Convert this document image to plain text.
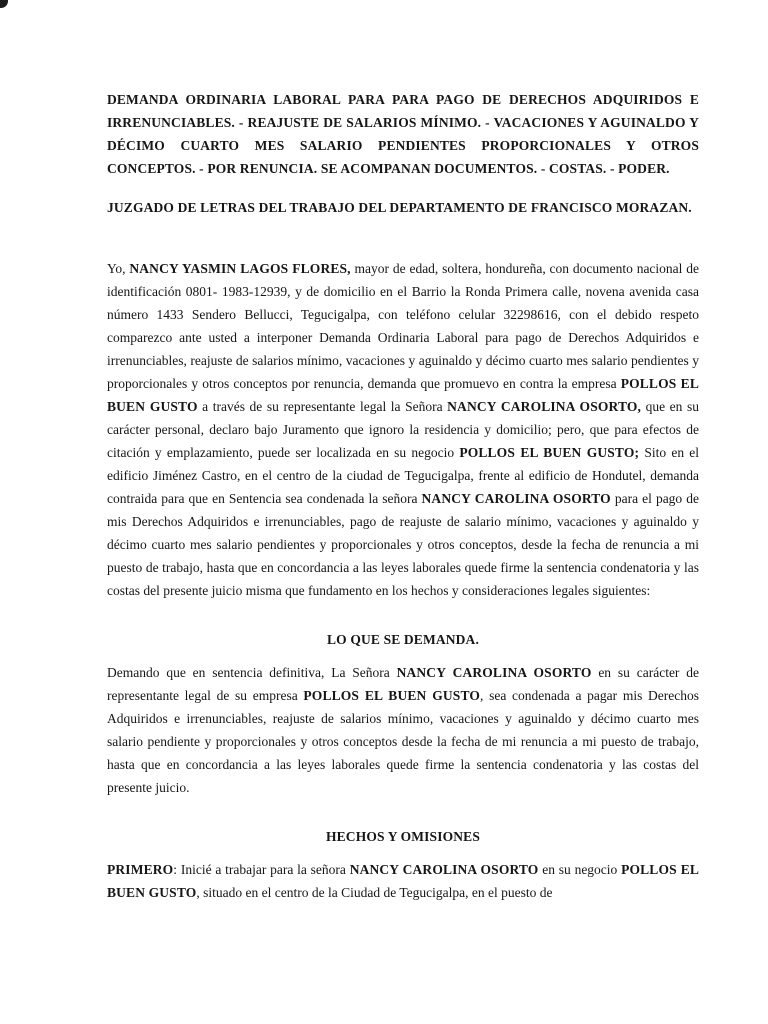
DEMANDA ORDINARIA LABORAL PARA PARA PAGO DE DERECHOS ADQUIRIDOS E IRRENUNCIABLES. - REAJUSTE DE SALARIOS MÍNIMO. - VACACIONES Y AGUINALDO Y DÉCIMO CUARTO MES SALARIO PENDIENTES PROPORCIONALES Y OTROS CONCEPTOS. - POR RENUNCIA. SE ACOMPANAN DOCUMENTOS. - COSTAS. - PODER.

JUZGADO DE LETRAS DEL TRABAJO DEL DEPARTAMENTO DE FRANCISCO MORAZAN.

Yo, NANCY YASMIN LAGOS FLORES, mayor de edad, soltera, hondureña, con documento nacional de identificación 0801- 1983-12939, y de domicilio en el Barrio la Ronda Primera calle, novena avenida casa número 1433 Sendero Bellucci, Tegucigalpa, con teléfono celular 32298616, con el debido respeto comparezco ante usted a interponer Demanda Ordinaria Laboral para pago de Derechos Adquiridos e irrenunciables, reajuste de salarios mínimo, vacaciones y aguinaldo y décimo cuarto mes salario pendientes y proporcionales y otros conceptos por renuncia, demanda que promuevo en contra la empresa POLLOS EL BUEN GUSTO a través de su representante legal la Señora NANCY CAROLINA OSORTO, que en su carácter personal, declaro bajo Juramento que ignoro la residencia y domicilio; pero, que para efectos de citación y emplazamiento, puede ser localizada en su negocio POLLOS EL BUEN GUSTO; Sito en el edificio Jiménez Castro, en el centro de la ciudad de Tegucigalpa, frente al edificio de Hondutel, demanda contraida para que en Sentencia sea condenada la señora NANCY CAROLINA OSORTO para el pago de mis Derechos Adquiridos e irrenunciables, pago de reajuste de salario mínimo, vacaciones y aguinaldo y décimo cuarto mes salario pendientes y proporcionales y otros conceptos, desde la fecha de renuncia a mi puesto de trabajo, hasta que en concordancia a las leyes laborales quede firme la sentencia condenatoria y las costas del presente juicio misma que fundamento en los hechos y consideraciones legales siguientes:

LO QUE SE DEMANDA.

Demando que en sentencia definitiva, La Señora NANCY CAROLINA OSORTO en su carácter de representante legal de su empresa POLLOS EL BUEN GUSTO, sea condenada a pagar mis Derechos Adquiridos e irrenunciables, reajuste de salarios mínimo, vacaciones y aguinaldo y décimo cuarto mes salario pendiente y proporcionales y otros conceptos desde la fecha de mi renuncia a mi puesto de trabajo, hasta que en concordancia a las leyes laborales quede firme la sentencia condenatoria y las costas del presente juicio.

HECHOS Y OMISIONES

PRIMERO: Inicié a trabajar para la señora NANCY CAROLINA OSORTO en su negocio POLLOS EL BUEN GUSTO, situado en el centro de la Ciudad de Tegucigalpa, en el puesto de
